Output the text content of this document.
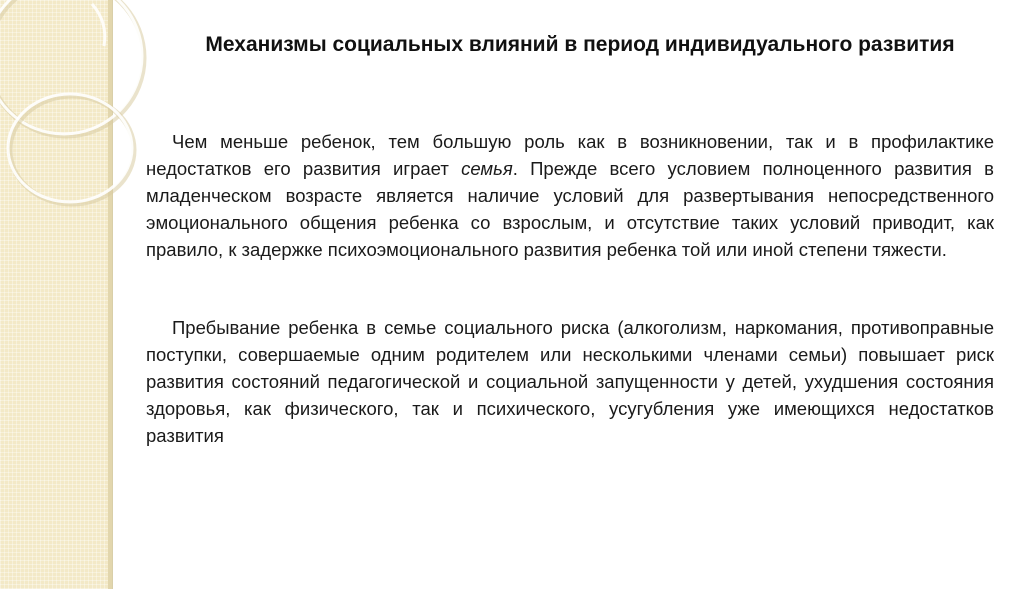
Механизмы социальных влияний в период индивидуального развития

Чем меньше ребенок, тем большую роль как в возникновении, так и в профилактике недостатков его развития играет семья. Прежде всего условием полноценного развития в младенческом возрасте является наличие условий для развертывания непосредственного эмоционального общения ребенка со взрослым, и отсутствие таких условий приводит, как правило, к задержке психоэмоционального развития ребенка той или иной степени тяжести.

Пребывание ребенка в семье социального риска (алкоголизм, наркомания, противоправные поступки, совершаемые одним родителем или несколькими членами семьи) повышает риск развития состояний педагогической и социальной запущенности у детей, ухудшения состояния здоровья, как физического, так и психического, усугубления уже имеющихся недостатков развития
